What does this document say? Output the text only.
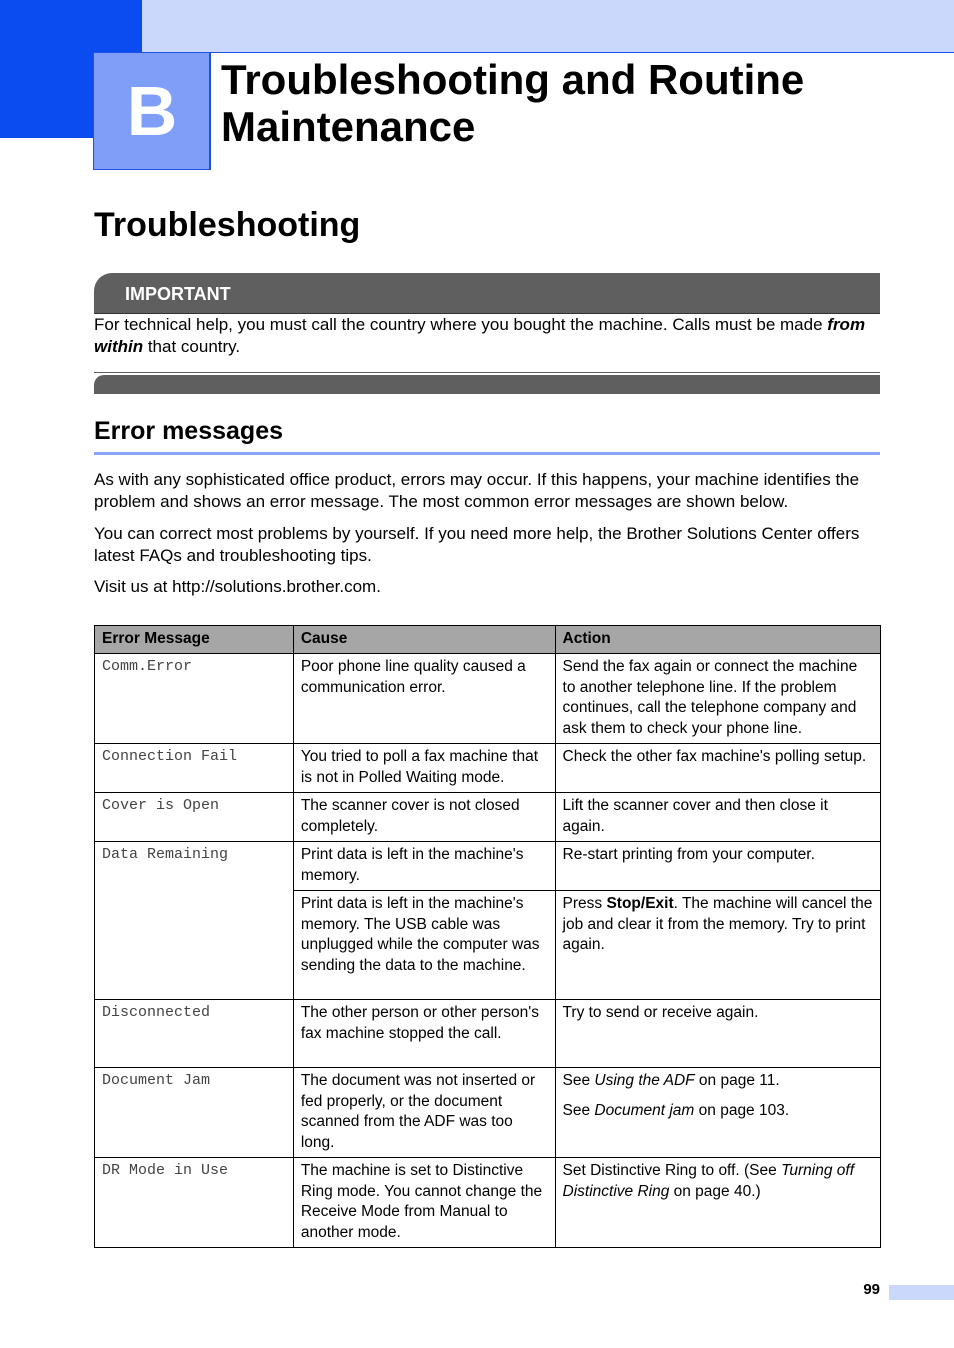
B Troubleshooting and Routine Maintenance
Troubleshooting
IMPORTANT

For technical help, you must call the country where you bought the machine. Calls must be made from within that country.

Error messages

As with any sophisticated office product, errors may occur. If this happens, your machine identifies the problem and shows an error message. The most common error messages are shown below.

You can correct most problems by yourself. If you need more help, the Brother Solutions Center offers latest FAQs and troubleshooting tips.

Visit us at http://solutions.brother.com.

Error Message	Cause	Action
Comm.Error	Poor phone line quality caused a communication error.	Send the fax again or connect the machine to another telephone line. If the problem continues, call the telephone company and ask them to check your phone line.
Connection Fail	You tried to poll a fax machine that is not in Polled Waiting mode.	Check the other fax machine's polling setup.
Cover is Open	The scanner cover is not closed completely.	Lift the scanner cover and then close it again.
Data Remaining	Print data is left in the machine's memory.	Re-start printing from your computer.
	Print data is left in the machine's memory. The USB cable was unplugged while the computer was sending the data to the machine.	Press Stop/Exit. The machine will cancel the job and clear it from the memory. Try to print again.
Disconnected	The other person or other person's fax machine stopped the call.	Try to send or receive again.
Document Jam	The document was not inserted or fed properly, or the document scanned from the ADF was too long.	See Using the ADF on page 11.

See Document jam on page 103.

DR Mode in Use	The machine is set to Distinctive Ring mode. You cannot change the Receive Mode from Manual to another mode.	Set Distinctive Ring to off. (See Turning off Distinctive Ring on page 40.)
99
